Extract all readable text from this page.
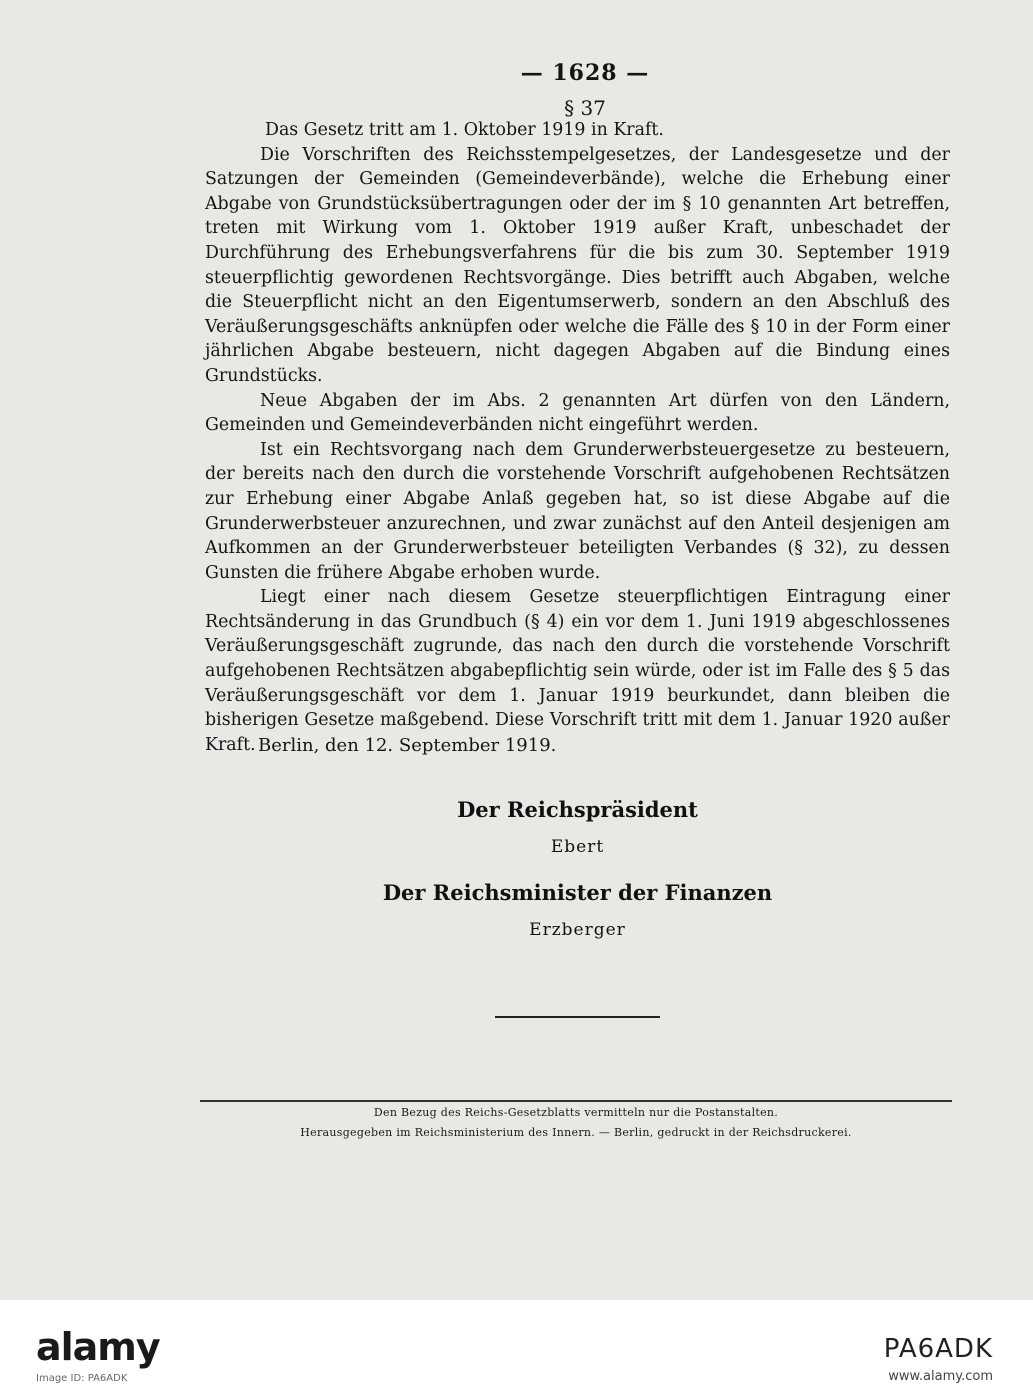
— 1628 —
§ 37

Das Gesetz tritt am 1. Oktober 1919 in Kraft.

Die Vorschriften des Reichsstempelgesetzes, der Landesgesetze und der Satzungen der Gemeinden (Gemeindeverbände), welche die Erhebung einer Abgabe von Grundstücksübertragungen oder der im § 10 genannten Art betreffen, treten mit Wirkung vom 1. Oktober 1919 außer Kraft, unbeschadet der Durchführung des Erhebungsverfahrens für die bis zum 30. September 1919 steuerpflichtig gewordenen Rechtsvorgänge. Dies betrifft auch Abgaben, welche die Steuerpflicht nicht an den Eigentumserwerb, sondern an den Abschluß des Veräußerungsgeschäfts anknüpfen oder welche die Fälle des § 10 in der Form einer jährlichen Abgabe besteuern, nicht dagegen Abgaben auf die Bindung eines Grundstücks.

Neue Abgaben der im Abs. 2 genannten Art dürfen von den Ländern, Gemeinden und Gemeindeverbänden nicht eingeführt werden.

Ist ein Rechtsvorgang nach dem Grunderwerbsteuergesetze zu besteuern, der bereits nach den durch die vorstehende Vorschrift aufgehobenen Rechtsätzen zur Erhebung einer Abgabe Anlaß gegeben hat, so ist diese Abgabe auf die Grunderwerbsteuer anzurechnen, und zwar zunächst auf den Anteil desjenigen am Aufkommen an der Grunderwerbsteuer beteiligten Verbandes (§ 32), zu dessen Gunsten die frühere Abgabe erhoben wurde.

Liegt einer nach diesem Gesetze steuerpflichtigen Eintragung einer Rechtsänderung in das Grundbuch (§ 4) ein vor dem 1. Juni 1919 abgeschlossenes Veräußerungsgeschäft zugrunde, das nach den durch die vorstehende Vorschrift aufgehobenen Rechtsätzen abgabepflichtig sein würde, oder ist im Falle des § 5 das Veräußerungsgeschäft vor dem 1. Januar 1919 beurkundet, dann bleiben die bisherigen Gesetze maßgebend. Diese Vorschrift tritt mit dem 1. Januar 1920 außer Kraft. Berlin, den 12. September 1919.
Der Reichspräsident
Ebert
Der Reichsminister der Finanzen
Erzberger
Den Bezug des Reichs-Gesetzblatts vermitteln nur die Postanstalten.
Herausgegeben im Reichsministerium des Innern. — Berlin, gedruckt in der Reichsdruckerei.
alamy
Image ID: PA6ADK
PA6ADK
www.alamy.com
